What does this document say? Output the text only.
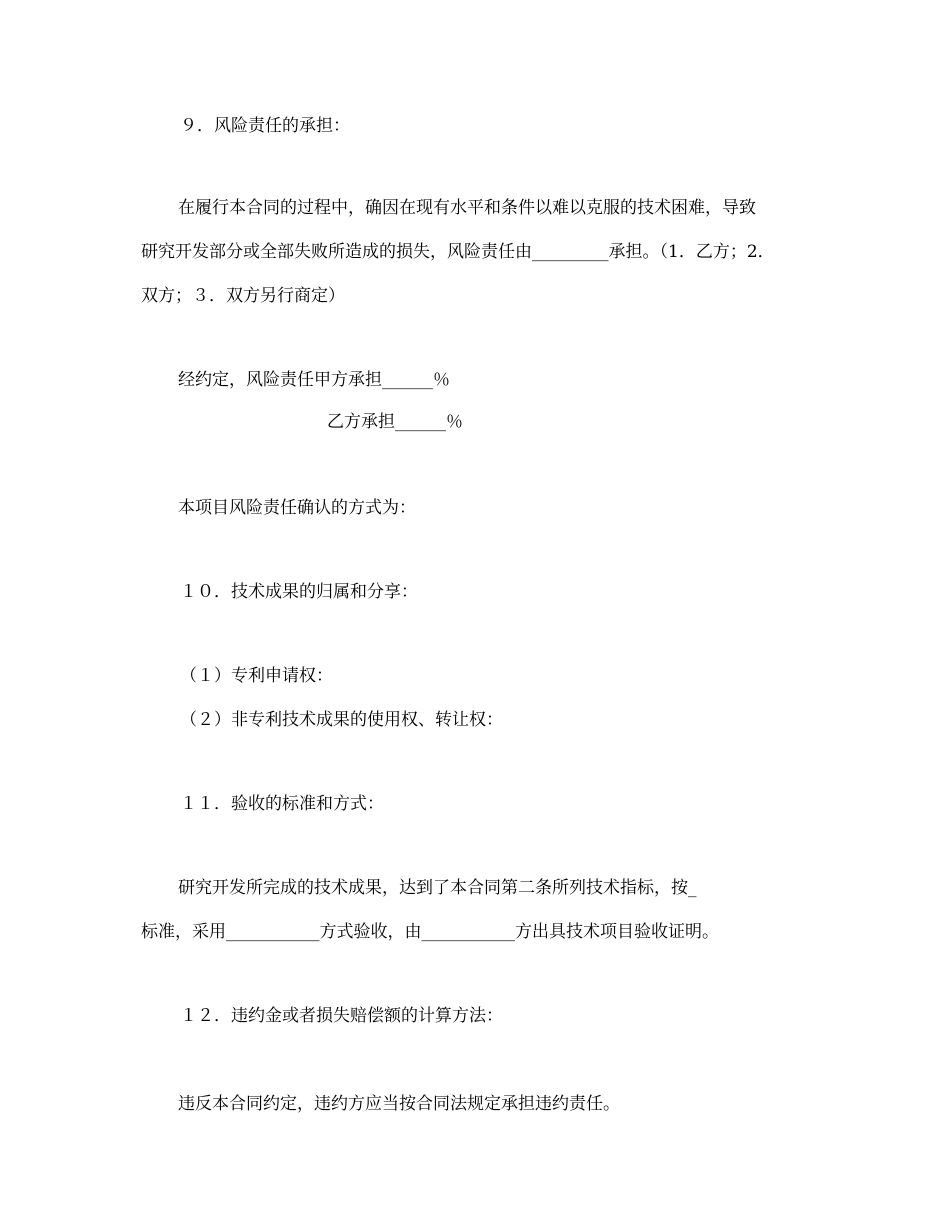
９．风险责任的承担：

在履行本合同的过程中，确因在现有水平和条件以难以克服的技术困难，导致

研究开发部分或全部失败所造成的损失，风险责任由_________承担。（1．乙方；2．

双方；３．双方另行商定）

经约定，风险责任甲方承担______％

乙方承担______％

本项目风险责任确认的方式为：

１０．技术成果的归属和分享：

（１）专利申请权：

（２）非专利技术成果的使用权、转让权：

１１．验收的标准和方式：

研究开发所完成的技术成果，达到了本合同第二条所列技术指标，按_

标准，采用___________方式验收，由___________方出具技术项目验收证明。

１２．违约金或者损失赔偿额的计算方法：

违反本合同约定，违约方应当按合同法规定承担违约责任。
